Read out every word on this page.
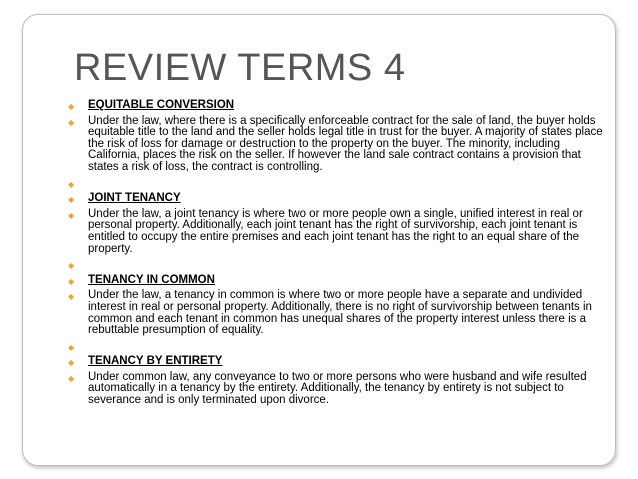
REVIEW TERMS 4
◆ EQUITABLE CONVERSION
◆ Under the law, where there is a specifically enforceable contract for the sale of land, the buyer holds equitable title to the land and the seller holds legal title in trust for the buyer. A majority of states place the risk of loss for damage or destruction to the property on the buyer. The minority, including California, places the risk on the seller. If however the land sale contract contains a provision that states a risk of loss, the contract is controlling.
◆
◆ JOINT TENANCY
◆ Under the law, a joint tenancy is where two or more people own a single, unified interest in real or personal property. Additionally, each joint tenant has the right of survivorship, each joint tenant is entitled to occupy the entire premises and each joint tenant has the right to an equal share of the property.
◆
◆ TENANCY IN COMMON
◆ Under the law, a tenancy in common is where two or more people have a separate and undivided interest in real or personal property. Additionally, there is no right of survivorship between tenants in common and each tenant in common has unequal shares of the property interest unless there is a rebuttable presumption of equality.
◆
◆ TENANCY BY ENTIRETY
◆ Under common law, any conveyance to two or more persons who were husband and wife resulted automatically in a tenancy by the entirety. Additionally, the tenancy by entirety is not subject to severance and is only terminated upon divorce.
